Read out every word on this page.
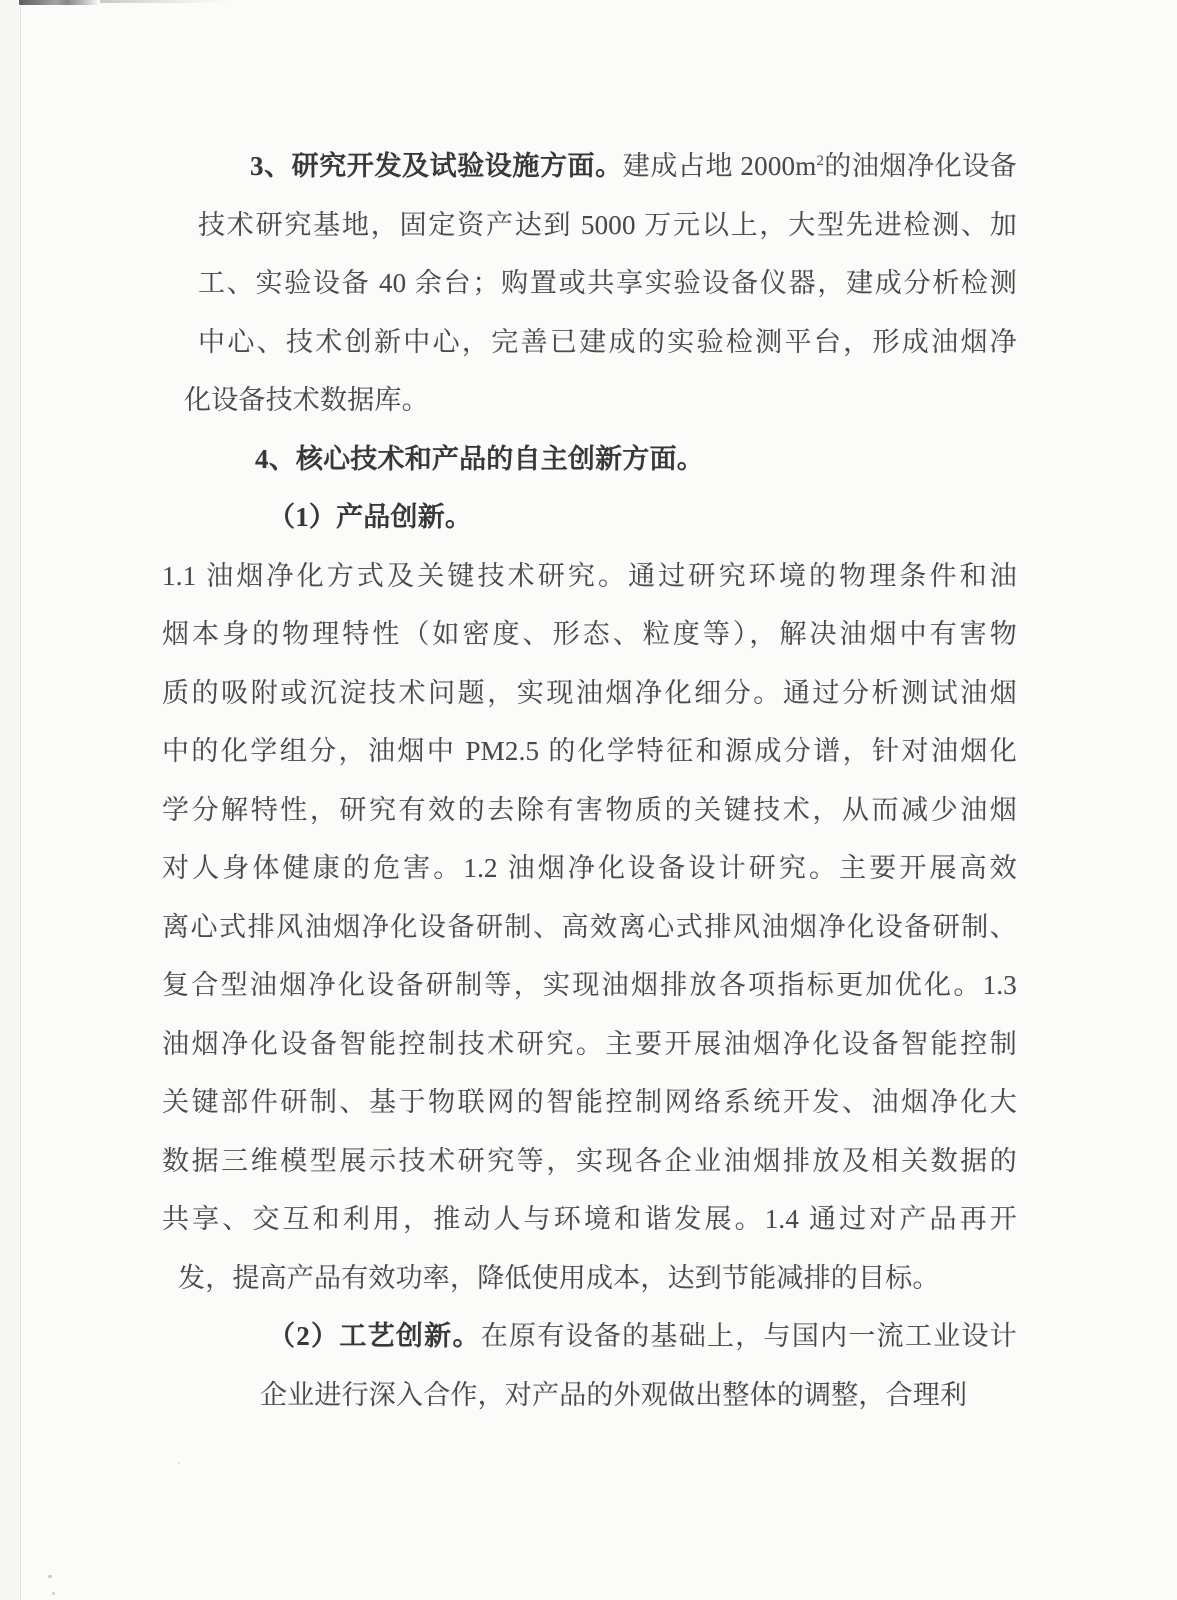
3、研究开发及试验设施方面。建成占地 $2000m^2$的油烟净化设备
技术研究基地，固定资产达到 5000 万元以上，大型先进检测、加
工、实验设备 40 余台；购置或共享实验设备仪器，建成分析检测
中心、技术创新中心，完善已建成的实验检测平台，形成油烟净
化设备技术数据库。
4、核心技术和产品的自主创新方面。
（1）产品创新。
1.1 油烟净化方式及关键技术研究。通过研究环境的物理条件和油
烟本身的物理特性（如密度、形态、粒度等），解决油烟中有害物
质的吸附或沉淀技术问题，实现油烟净化细分。通过分析测试油烟
中的化学组分，油烟中 PM2.5 的化学特征和源成分谱，针对油烟化
学分解特性，研究有效的去除有害物质的关键技术，从而减少油烟
对人身体健康的危害。1.2 油烟净化设备设计研究。主要开展高效
离心式排风油烟净化设备研制、高效离心式排风油烟净化设备研制、
复合型油烟净化设备研制等，实现油烟排放各项指标更加优化。1.3
油烟净化设备智能控制技术研究。主要开展油烟净化设备智能控制
关键部件研制、基于物联网的智能控制网络系统开发、油烟净化大
数据三维模型展示技术研究等，实现各企业油烟排放及相关数据的
共享、交互和利用，推动人与环境和谐发展。1.4 通过对产品再开
发，提高产品有效功率，降低使用成本，达到节能减排的目标。
（2）工艺创新。在原有设备的基础上，与国内一流工业设计
企业进行深入合作，对产品的外观做出整体的调整，合理利
